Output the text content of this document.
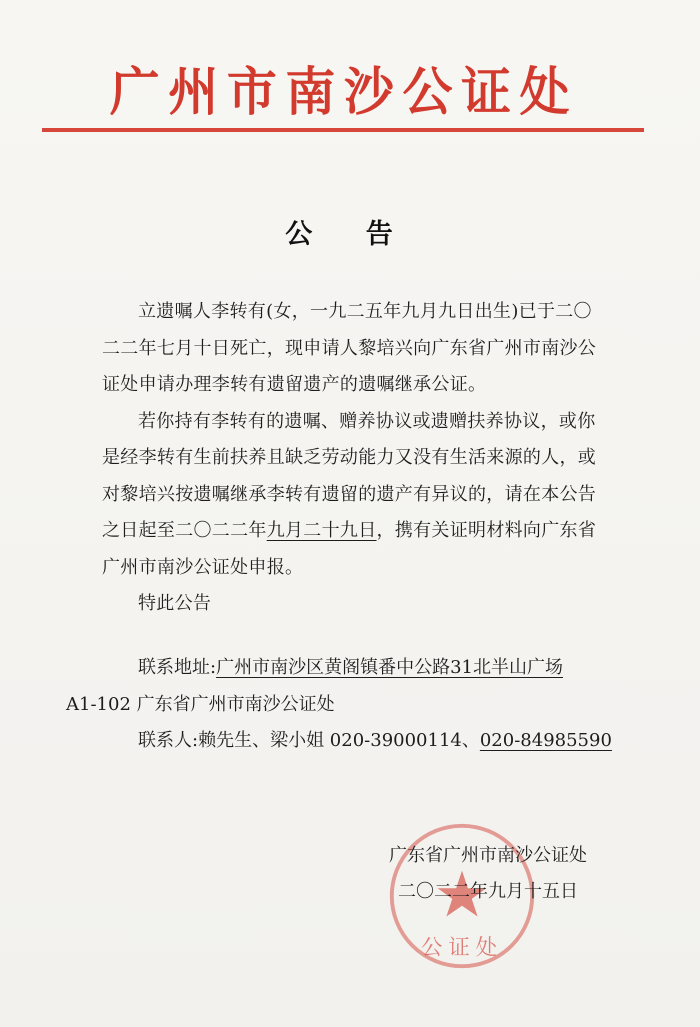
广州市南沙公证处
公 告

立遗嘱人李转有(女，一九二五年九月九日出生)已于二〇二二年七月十日死亡，现申请人黎培兴向广东省广州市南沙公证处申请办理李转有遗留遗产的遗嘱继承公证。

若你持有李转有的遗嘱、赠养协议或遗赠扶养协议，或你是经李转有生前扶养且缺乏劳动能力又没有生活来源的人，或对黎培兴按遗嘱继承李转有遗留的遗产有异议的，请在本公告之日起至二〇二二年九月二十九日，携有关证明材料向广东省广州市南沙公证处申报。

特此公告

联系地址:广州市南沙区黄阁镇番中公路31北半山广场

A1-102 广东省广州市南沙公证处

联系人:赖先生、梁小姐 020-39000114、020-84985590

公证处
广东省广州市南沙公证处
二〇二二年九月十五日
